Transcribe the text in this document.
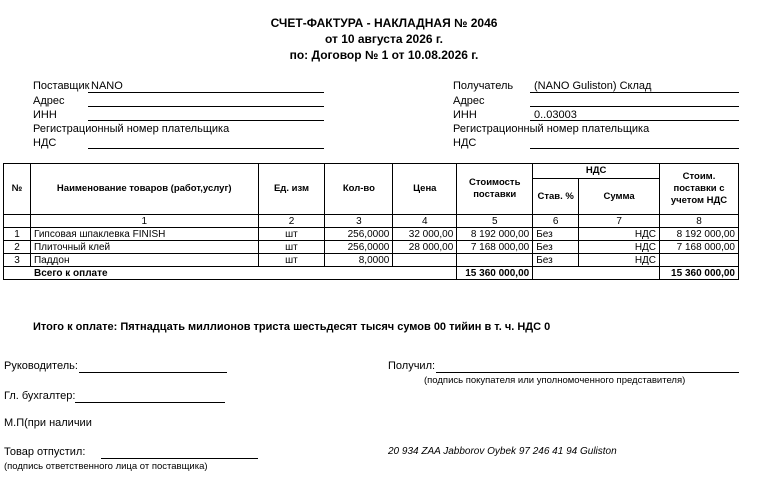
СЧЕТ-ФАКТУРА - НАКЛАДНАЯ № 2046
от 10 августа 2026 г.
по: Договор № 1 от 10.08.2026 г.
Поставщик NANO
Адрес
ИНН
Регистрационный номер плательщика
НДС
Получатель (NANO Guliston) Склад
Адрес
ИНН	0..03003
Регистрационный номер плательщика
НДС
№	Наименование товаров (работ,услуг)	Ед. изм	Кол-во	Цена	Стоимость поставки	НДС		Стоим. поставки с учетом НДС
						Став. %	Сумма	
	1	2	3	4	5	6	7	8
1	Гипсовая шпаклевка FINISH	шт	256,0000	32 000,00	8 192 000,00	Без	НДС	8 192 000,00
2	Плиточный клей	шт	256,0000	28 000,00	7 168 000,00	Без	НДС	7 168 000,00
3	Паддон	шт	8,0000			Без	НДС	
Всего к оплате					15 360 000,00			15 360 000,00
Итого к оплате: Пятнадцать миллионов триста шестьдесят тысяч сумов 00 тийин в т. ч. НДС 0
Руководитель:	Получил:
(подпись покупателя или уполномоченного представителя)
Гл. бухгалтер:
М.П(при наличии
Товар отпустил:
(подпись ответственного лица от поставщика)
20 934 ZAA Jabborov Oybek 97 246 41 94 Guliston
